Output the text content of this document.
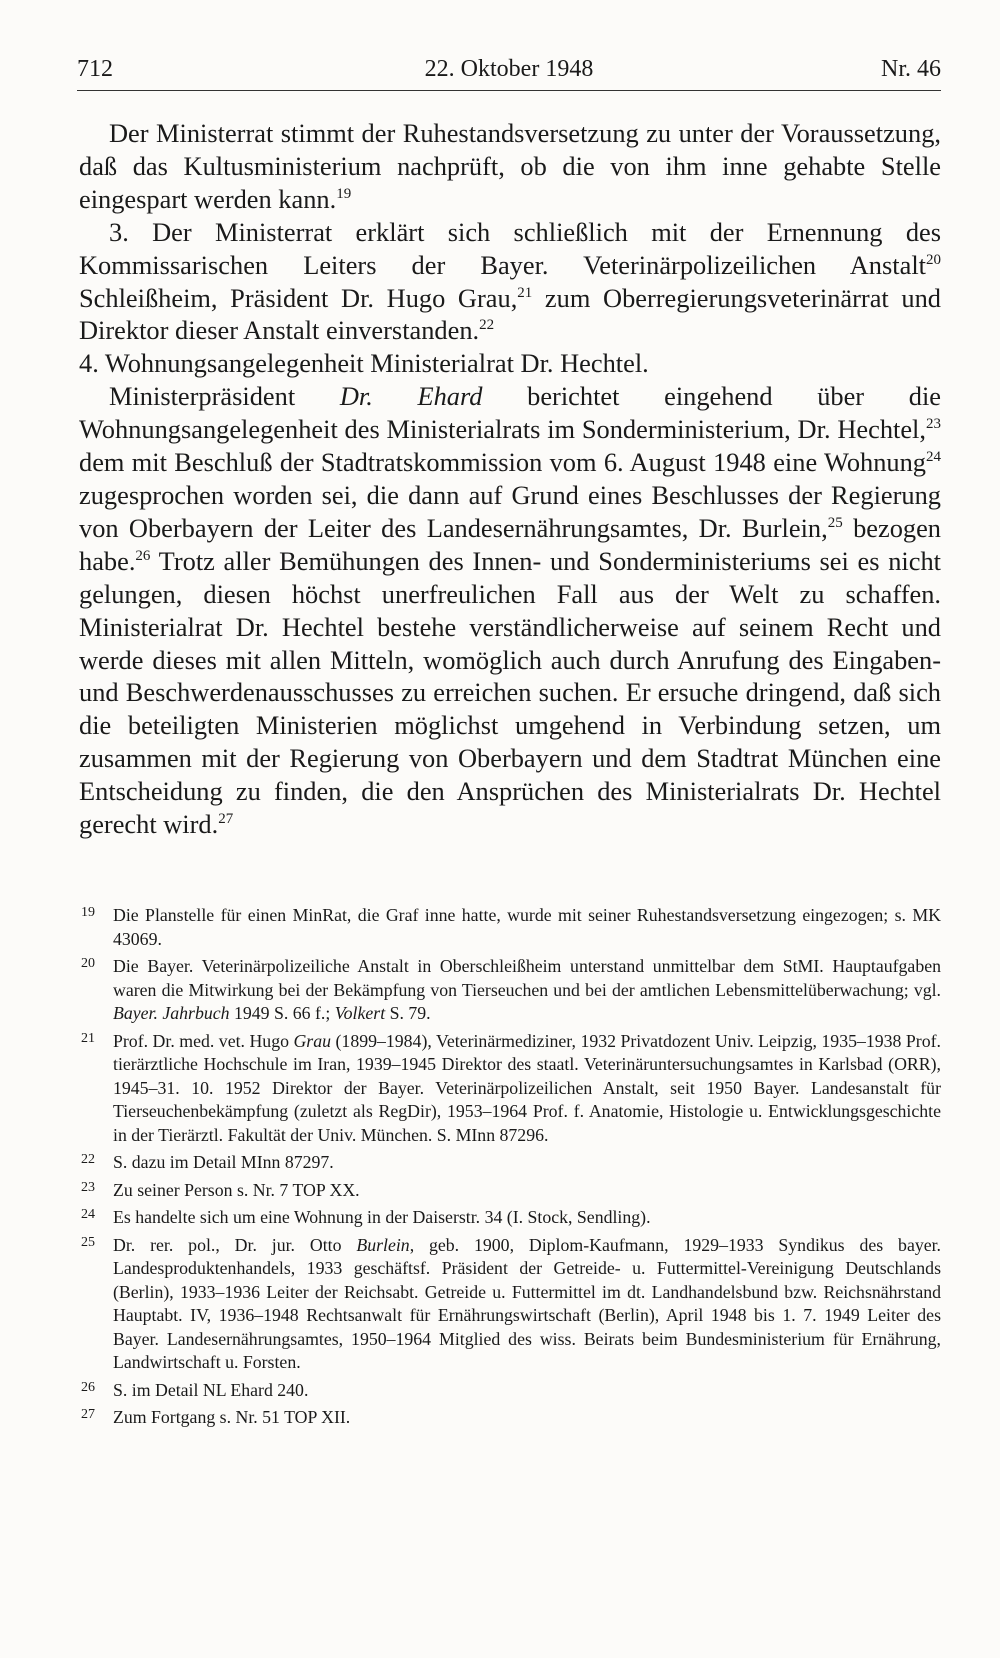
712	22. Oktober 1948	Nr. 46

Der Ministerrat stimmt der Ruhestandsversetzung zu unter der Voraussetzung, daß das Kultusministerium nachprüft, ob die von ihm inne gehabte Stelle eingespart werden kann.$^{19}$

3. Der Ministerrat erklärt sich schließlich mit der Ernennung des Kommissarischen Leiters der Bayer. Veterinärpolizeilichen Anstalt$^{20}$ Schleißheim, Präsident Dr. Hugo Grau,$^{21}$ zum Oberregierungsveterinärrat und Direktor dieser Anstalt einverstanden.$^{22}$

4. Wohnungsangelegenheit Ministerialrat Dr. Hechtel.

Ministerpräsident Dr. Ehard berichtet eingehend über die Wohnungsangelegenheit des Ministerialrats im Sonderministerium, Dr. Hechtel,$^{23}$ dem mit Beschluß der Stadtratskommission vom 6. August 1948 eine Wohnung$^{24}$ zugesprochen worden sei, die dann auf Grund eines Beschlusses der Regierung von Oberbayern der Leiter des Landesernährungsamtes, Dr. Burlein,$^{25}$ bezogen habe.$^{26}$ Trotz aller Bemühungen des Innen- und Sonderministeriums sei es nicht gelungen, diesen höchst unerfreulichen Fall aus der Welt zu schaffen. Ministerialrat Dr. Hechtel bestehe verständlicherweise auf seinem Recht und werde dieses mit allen Mitteln, womöglich auch durch Anrufung des Eingaben- und Beschwerdenausschusses zu erreichen suchen. Er ersuche dringend, daß sich die beteiligten Ministerien möglichst umgehend in Verbindung setzen, um zusammen mit der Regierung von Oberbayern und dem Stadtrat München eine Entscheidung zu finden, die den Ansprüchen des Ministerialrats Dr. Hechtel gerecht wird.$^{27}$

19 Die Planstelle für einen MinRat, die Graf inne hatte, wurde mit seiner Ruhestandsversetzung eingezogen; s. MK 43069.
20 Die Bayer. Veterinärpolizeiliche Anstalt in Oberschleißheim unterstand unmittelbar dem StMI. Hauptaufgaben waren die Mitwirkung bei der Bekämpfung von Tierseuchen und bei der amtlichen Lebensmittelüberwachung; vgl. Bayer. Jahrbuch 1949 S. 66 f.; Volkert S. 79.
21 Prof. Dr. med. vet. Hugo Grau (1899–1984), Veterinärmediziner, 1932 Privatdozent Univ. Leipzig, 1935–1938 Prof. tierärztliche Hochschule im Iran, 1939–1945 Direktor des staatl. Veterinäruntersuchungsamtes in Karlsbad (ORR), 1945–31. 10. 1952 Direktor der Bayer. Veterinärpolizeilichen Anstalt, seit 1950 Bayer. Landesanstalt für Tierseuchenbekämpfung (zuletzt als RegDir), 1953–1964 Prof. f. Anatomie, Histologie u. Entwicklungsgeschichte in der Tierärztl. Fakultät der Univ. München. S. MInn 87296.
22 S. dazu im Detail MInn 87297.
23 Zu seiner Person s. Nr. 7 TOP XX.
24 Es handelte sich um eine Wohnung in der Daiserstr. 34 (I. Stock, Sendling).
25 Dr. rer. pol., Dr. jur. Otto Burlein, geb. 1900, Diplom-Kaufmann, 1929–1933 Syndikus des bayer. Landesproduktenhandels, 1933 geschäftsf. Präsident der Getreide- u. Futtermittel-Vereinigung Deutschlands (Berlin), 1933–1936 Leiter der Reichsabt. Getreide u. Futtermittel im dt. Landhandelsbund bzw. Reichsnährstand Hauptabt. IV, 1936–1948 Rechtsanwalt für Ernährungswirtschaft (Berlin), April 1948 bis 1. 7. 1949 Leiter des Bayer. Landesernährungsamtes, 1950–1964 Mitglied des wiss. Beirats beim Bundesministerium für Ernährung, Landwirtschaft u. Forsten.
26 S. im Detail NL Ehard 240.
27 Zum Fortgang s. Nr. 51 TOP XII.
